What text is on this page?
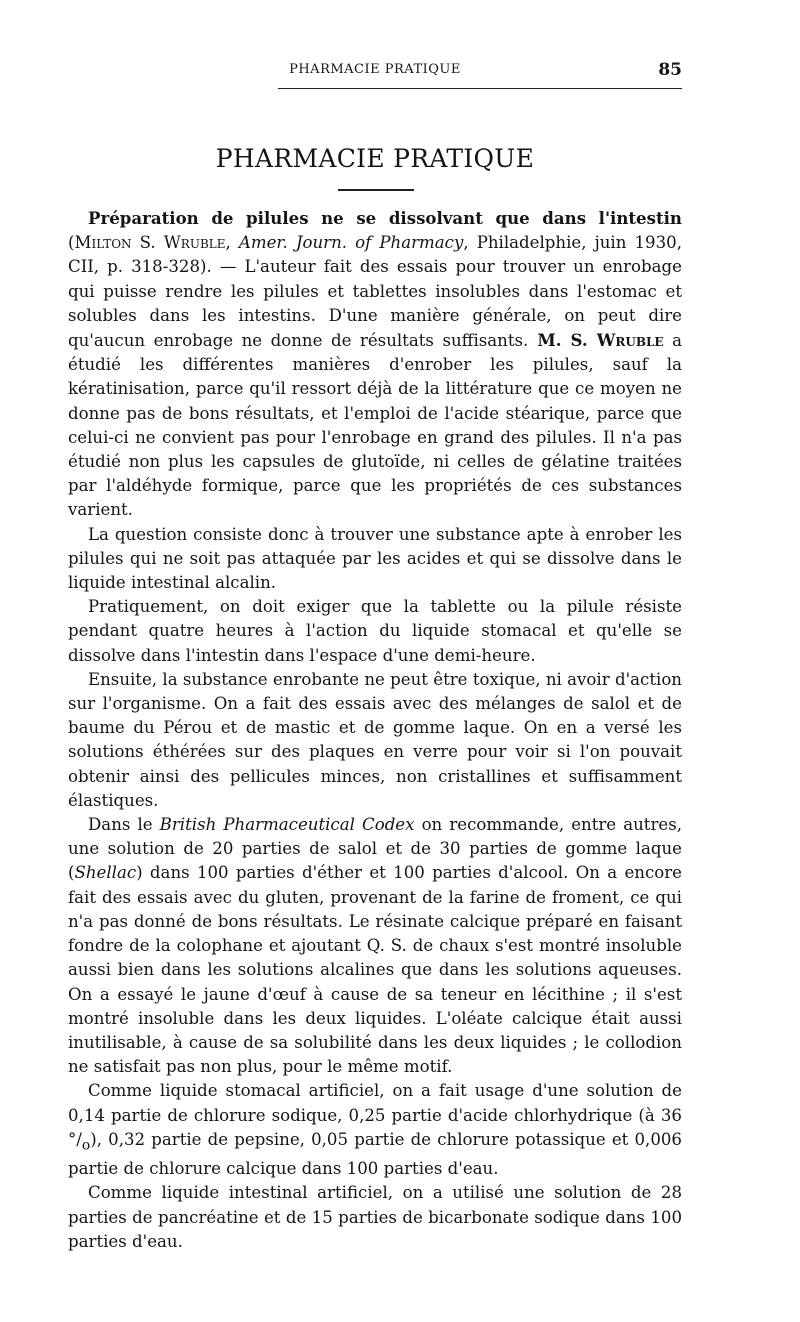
PHARMACIE PRATIQUE	85
PHARMACIE PRATIQUE

Préparation de pilules ne se dissolvant que dans l'intestin (Milton S. Wruble, Amer. Journ. of Pharmacy, Philadelphie, juin 1930, CII, p. 318-328). — L'auteur fait des essais pour trouver un enrobage qui puisse rendre les pilules et tablettes insolubles dans l'estomac et solubles dans les intestins. D'une manière générale, on peut dire qu'aucun enrobage ne donne de résultats suffisants. M. S. Wruble a étudié les différentes manières d'enrober les pilules, sauf la kératinisation, parce qu'il ressort déjà de la littérature que ce moyen ne donne pas de bons résultats, et l'emploi de l'acide stéarique, parce que celui-ci ne convient pas pour l'enrobage en grand des pilules. Il n'a pas étudié non plus les capsules de glutoïde, ni celles de gélatine traitées par l'aldéhyde formique, parce que les propriétés de ces substances varient.

La question consiste donc à trouver une substance apte à enrober les pilules qui ne soit pas attaquée par les acides et qui se dissolve dans le liquide intestinal alcalin.

Pratiquement, on doit exiger que la tablette ou la pilule résiste pendant quatre heures à l'action du liquide stomacal et qu'elle se dissolve dans l'intestin dans l'espace d'une demi-heure.

Ensuite, la substance enrobante ne peut être toxique, ni avoir d'action sur l'organisme. On a fait des essais avec des mélanges de salol et de baume du Pérou et de mastic et de gomme laque. On en a versé les solutions éthérées sur des plaques en verre pour voir si l'on pouvait obtenir ainsi des pellicules minces, non cristallines et suffisamment élastiques.

Dans le British Pharmaceutical Codex on recommande, entre autres, une solution de 20 parties de salol et de 30 parties de gomme laque (Shellac) dans 100 parties d'éther et 100 parties d'alcool. On a encore fait des essais avec du gluten, provenant de la farine de froment, ce qui n'a pas donné de bons résultats. Le résinate calcique préparé en faisant fondre de la colophane et ajoutant Q. S. de chaux s'est montré insoluble aussi bien dans les solutions alcalines que dans les solutions aqueuses. On a essayé le jaune d'œuf à cause de sa teneur en lécithine ; il s'est montré insoluble dans les deux liquides. L'oléate calcique était aussi inutilisable, à cause de sa solubilité dans les deux liquides ; le collodion ne satisfait pas non plus, pour le même motif.

Comme liquide stomacal artificiel, on a fait usage d'une solution de 0,14 partie de chlorure sodique, 0,25 partie d'acide chlorhydrique (à 36 $^\circ/_o$), 0,32 partie de pepsine, 0,05 partie de chlorure potassique et 0,006 partie de chlorure calcique dans 100 parties d'eau.

Comme liquide intestinal artificiel, on a utilisé une solution de 28 parties de pancréatine et de 15 parties de bicarbonate sodique dans 100 parties d'eau.
